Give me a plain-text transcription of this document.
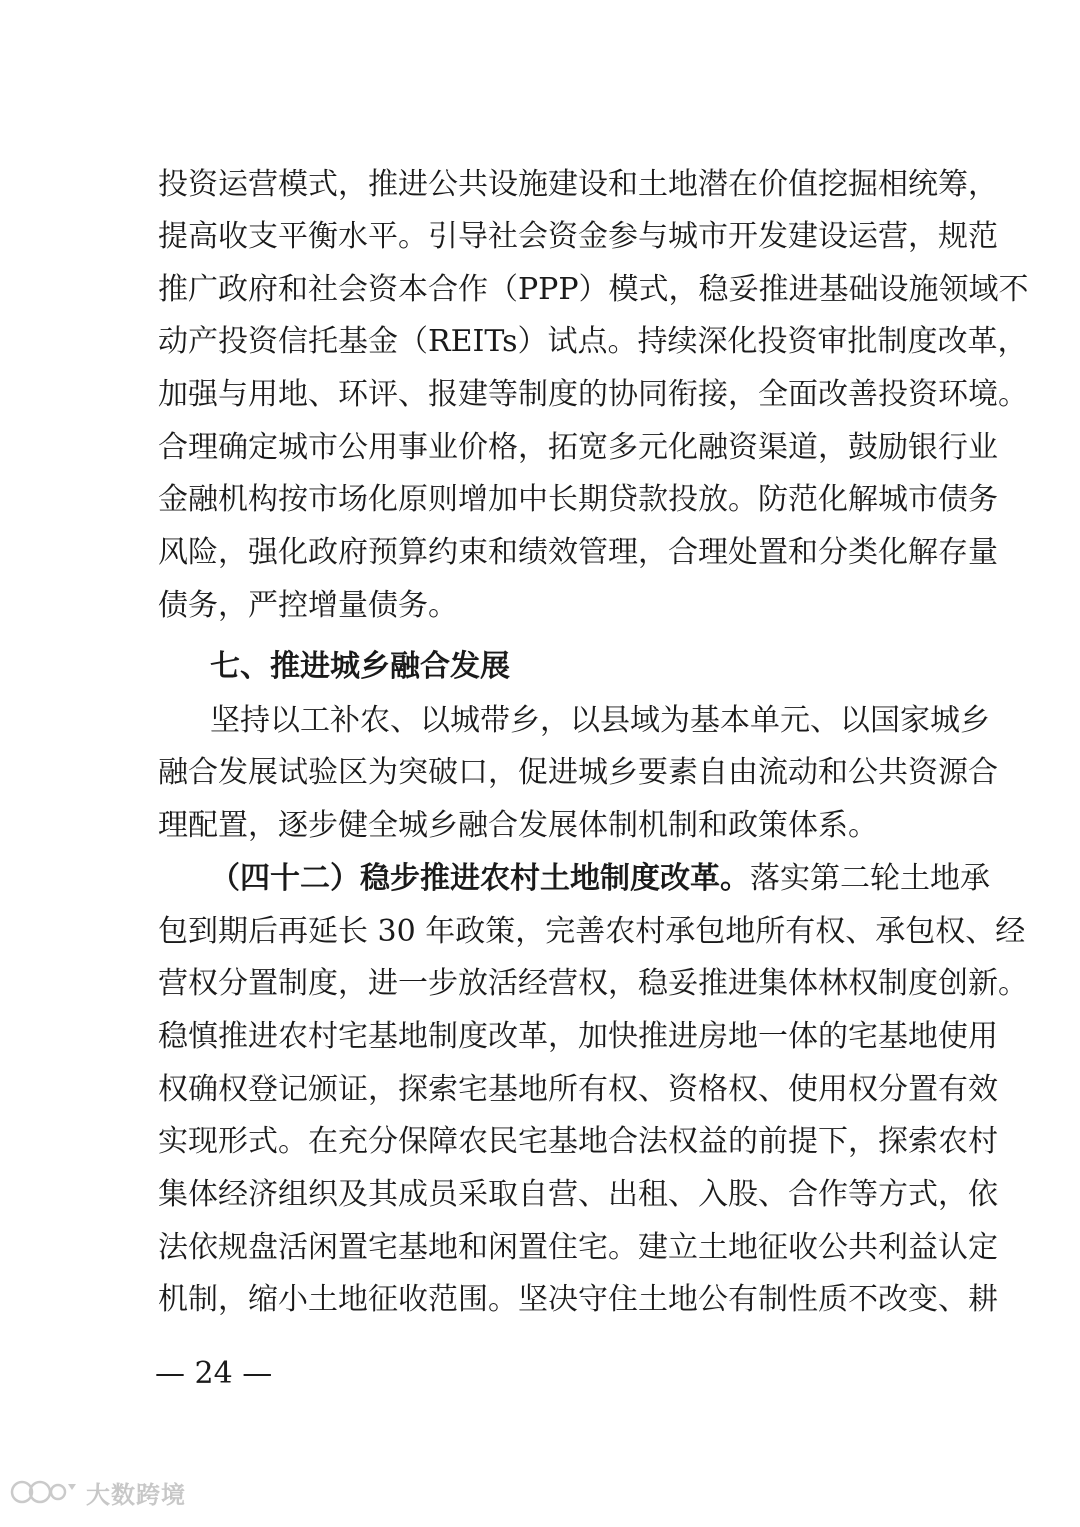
投资运营模式，推进公共设施建设和土地潜在价值挖掘相统筹，
提高收支平衡水平。引导社会资金参与城市开发建设运营，规范
推广政府和社会资本合作（PPP）模式，稳妥推进基础设施领域不
动产投资信托基金（REITs）试点。持续深化投资审批制度改革，
加强与用地、环评、报建等制度的协同衔接，全面改善投资环境。
合理确定城市公用事业价格，拓宽多元化融资渠道，鼓励银行业
金融机构按市场化原则增加中长期贷款投放。防范化解城市债务
风险，强化政府预算约束和绩效管理，合理处置和分类化解存量
债务，严控增量债务。
七、推进城乡融合发展
坚持以工补农、以城带乡，以县域为基本单元、以国家城乡
融合发展试验区为突破口，促进城乡要素自由流动和公共资源合
理配置，逐步健全城乡融合发展体制机制和政策体系。
（四十二）稳步推进农村土地制度改革。落实第二轮土地承
包到期后再延长 30 年政策，完善农村承包地所有权、承包权、经
营权分置制度，进一步放活经营权，稳妥推进集体林权制度创新。
稳慎推进农村宅基地制度改革，加快推进房地一体的宅基地使用
权确权登记颁证，探索宅基地所有权、资格权、使用权分置有效
实现形式。在充分保障农民宅基地合法权益的前提下，探索农村
集体经济组织及其成员采取自营、出租、入股、合作等方式，依
法依规盘活闲置宅基地和闲置住宅。建立土地征收公共利益认定
机制，缩小土地征收范围。坚决守住土地公有制性质不改变、耕
— 24 —
大数跨境
